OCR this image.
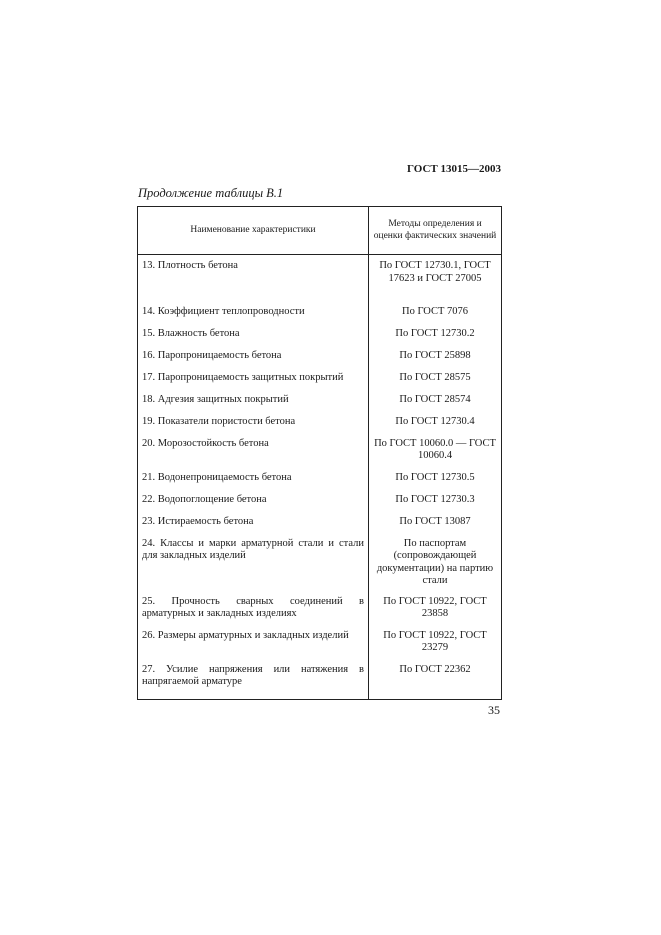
ГОСТ 13015—2003
Продолжение таблицы В.1
Наименование характеристики	Методы определения и оценки фактических значений
13. Плотность бетона	По ГОСТ 12730.1, ГОСТ 17623 и ГОСТ 27005
14. Коэффициент теплопроводности	По ГОСТ 7076
15. Влажность бетона	По ГОСТ 12730.2
16. Паропроницаемость бетона	По ГОСТ 25898
17. Паропроницаемость защитных покрытий	По ГОСТ 28575
18. Адгезия защитных покрытий	По ГОСТ 28574
19. Показатели пористости бетона	По ГОСТ 12730.4
20. Морозостойкость бетона	По ГОСТ 10060.0 — ГОСТ 10060.4
21. Водонепроницаемость бетона	По ГОСТ 12730.5
22. Водопоглощение бетона	По ГОСТ 12730.3
23. Истираемость бетона	По ГОСТ 13087
24. Классы и марки арматурной стали и стали для закладных изделий	По паспортам (сопровождающей документации) на партию стали
25. Прочность сварных соединений в арматурных и закладных изделиях	По ГОСТ 10922, ГОСТ 23858
26. Размеры арматурных и закладных изделий	По ГОСТ 10922, ГОСТ 23279
27. Усилие напряжения или натяжения в напрягаемой арматуре	По ГОСТ 22362
35
